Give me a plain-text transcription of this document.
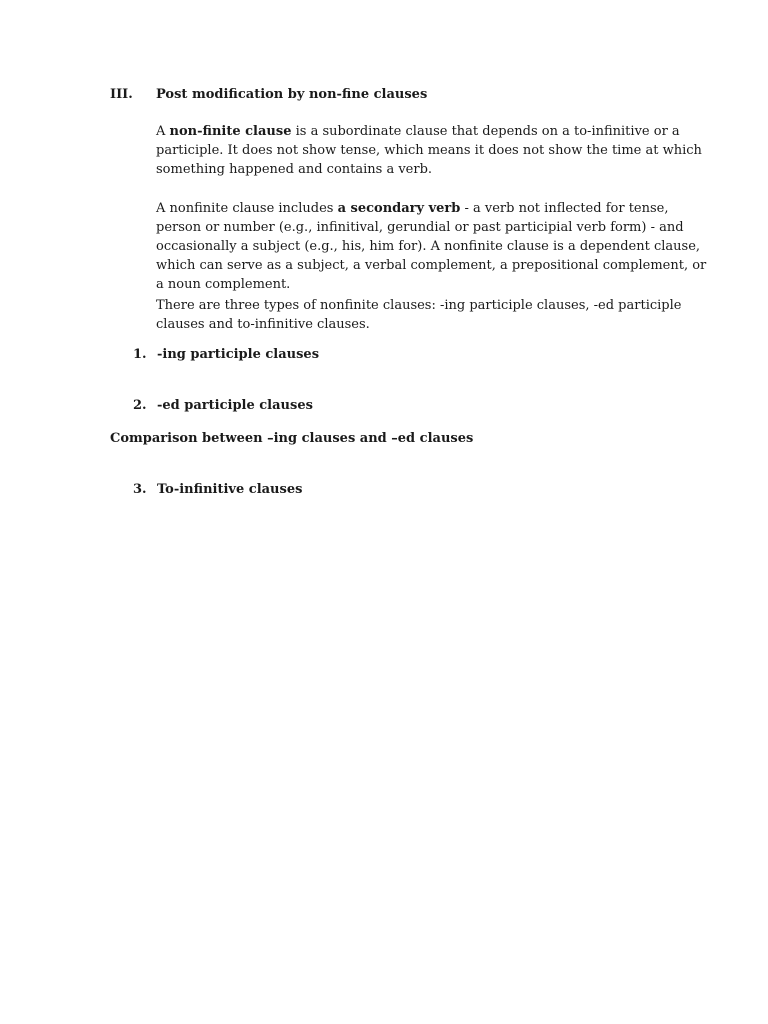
III. Post modification by non-fine clauses
A non-finite clause is a subordinate clause that depends on a to-infinitive or a participle. It does not show tense, which means it does not show the time at which something happened and contains a verb.
A nonfinite clause includes a secondary verb - a verb not inflected for tense, person or number (e.g., infinitival, gerundial or past participial verb form) - and occasionally a subject (e.g., his, him for). A nonfinite clause is a dependent clause, which can serve as a subject, a verbal complement, a prepositional complement, or a noun complement.
There are three types of nonfinite clauses: -ing participle clauses, -ed participle clauses and to-infinitive clauses.
1. -ing participle clauses
2. -ed participle clauses
Comparison between –ing clauses and –ed clauses
3. To-infinitive clauses
